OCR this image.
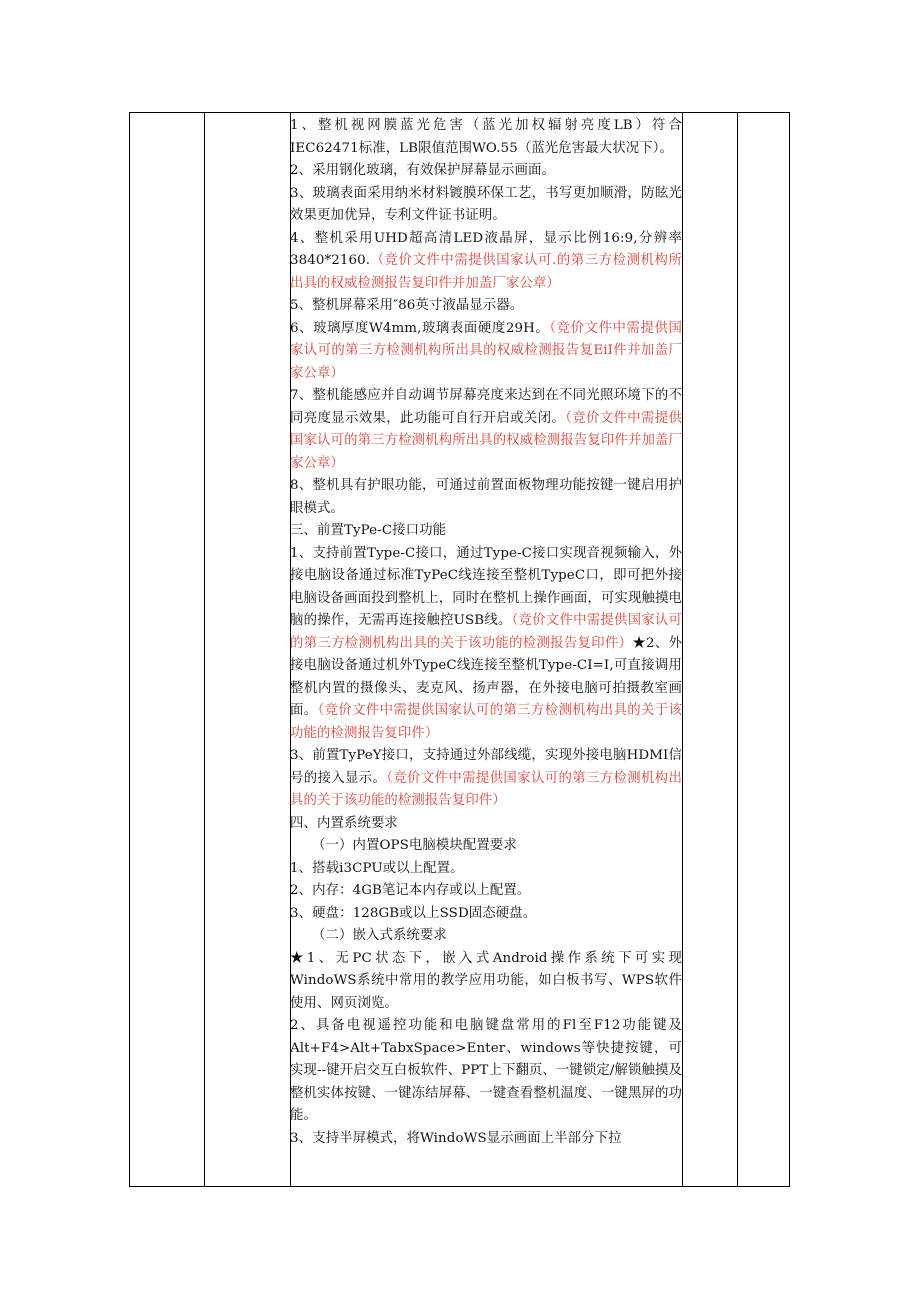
1、整机视网膜蓝光危害（蓝光加权辐射亮度LB）符合IEC62471标准，LB限值范围WO.55（蓝光危害最大状况下）。

2、采用钢化玻璃，有效保护屏幕显示画面。

3、玻璃表面采用纳米材料镀膜环保工艺，书写更加顺滑，防眩光效果更加优异，专利文件证书证明。

4、整机采用UHD超高清LED液晶屏，显示比例16:9,分辨率3840*2160.（竞价文件中需提供国家认可.的第三方检测机构所出具的权威检测报告复印件并加盖厂家公章）

5、整机屏幕采用″86英寸液晶显示器。

6、玻璃厚度W4mm,玻璃表面硬度29H。（竞价文件中需提供国家认可的第三方检测机构所出具的权威检测报告复EiI件并加盖厂家公章）

7、整机能感应并自动调节屏幕亮度来达到在不同光照环境下的不同亮度显示效果，此功能可自行开启或关闭。（竞价文件中需提供国家认可的第三方检测机构所出具的权威检测报告复印件并加盖厂家公章）

8、整机具有护眼功能，可通过前置面板物理功能按键一键启用护眼模式。

三、前置TyPe-C接口功能

1、支持前置Type-C接口，通过Type-C接口实现音视频输入，外接电脑设备通过标准TyPeC线连接至整机TypeC口，即可把外接电脑设备画面投到整机上，同时在整机上操作画面，可实现触摸电脑的操作，无需再连接触控USB线。（竞价文件中需提供国家认可的第三方检测机构出具的关于该功能的检测报告复印件）★2、外接电脑设备通过机外TypeC线连接至整机Type-CI=I,可直接调用整机内置的摄像头、麦克风、扬声器，在外接电脑可拍摄教室画面。（竞价文件中需提供国家认可的第三方检测机构出具的关于该功能的检测报告复印件）

3、前置TyPeY接口，支持通过外部线缆，实现外接电脑HDMI信号的接入显示。（竞价文件中需提供国家认可的第三方检测机构出具的关于该功能的检测报告复印件）

四、内置系统要求

（一）内置OPS电脑模块配置要求

1、搭载i3CPU或以上配置。

2、内存：4GB笔记本内存或以上配置。

3、硬盘：128GB或以上SSD固态硬盘。

（二）嵌入式系统要求

★1、无PC状态下，嵌入式Android操作系统下可实现WindoWS系统中常用的教学应用功能，如白板书写、WPS软件使用、网页浏览。

2、具备电视遥控功能和电脑键盘常用的Fl至F12功能键及Alt+F4>Alt+TabxSpace>Enter、windows等快捷按键，可实现--键开启交互白板软件、PPT上下翻页、一键锁定/解锁触摸及整机实体按键、一键冻结屏幕、一键查看整机温度、一键黑屏的功能。

3、支持半屏模式，将WindoWS显示画面上半部分下拉
